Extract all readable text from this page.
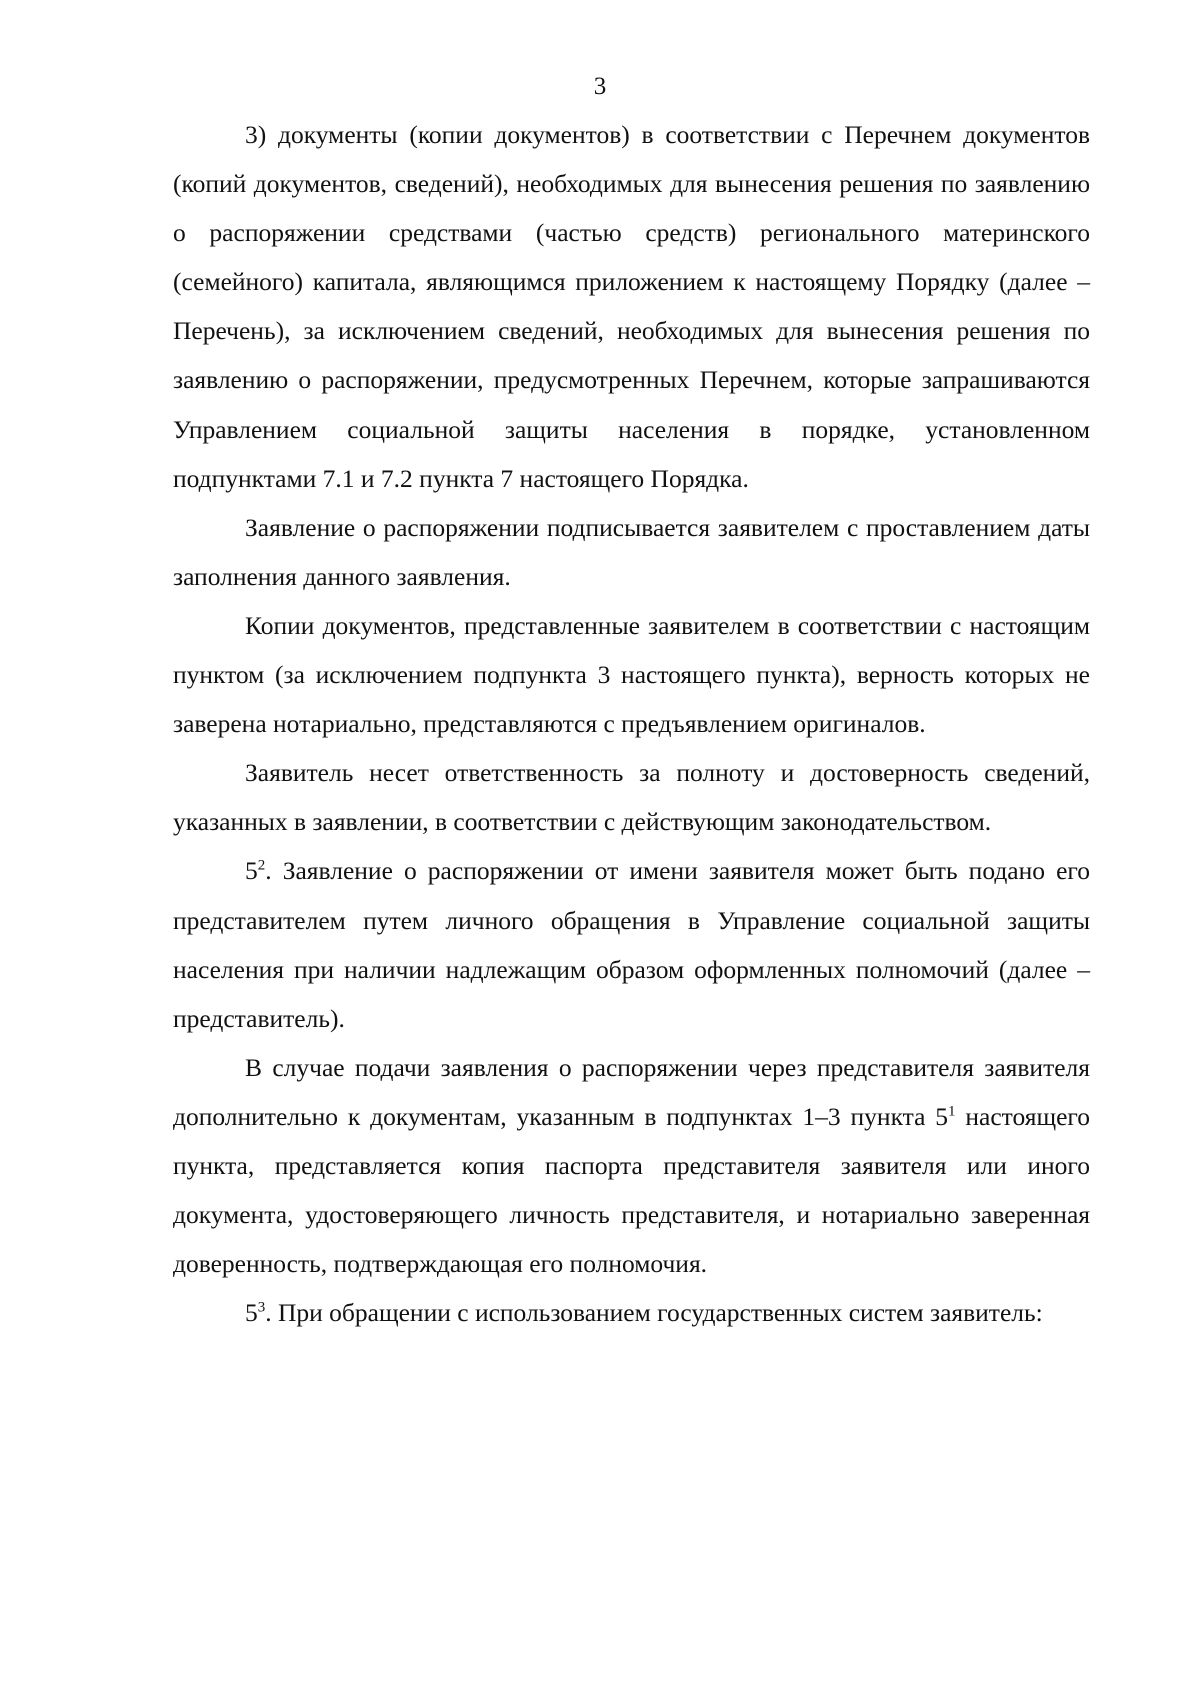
3

3) документы (копии документов) в соответствии с Перечнем документов (копий документов, сведений), необходимых для вынесения решения по заявлению о распоряжении средствами (частью средств) регионального материнского (семейного) капитала, являющимся приложением к настоящему Порядку (далее – Перечень), за исключением сведений, необходимых для вынесения решения по заявлению о распоряжении, предусмотренных Перечнем, которые запрашиваются Управлением социальной защиты населения в порядке, установленном подпунктами 7.1 и 7.2 пункта 7 настоящего Порядка.

Заявление о распоряжении подписывается заявителем с проставлением даты заполнения данного заявления.

Копии документов, представленные заявителем в соответствии с настоящим пунктом (за исключением подпункта 3 настоящего пункта), верность которых не заверена нотариально, представляются с предъявлением оригиналов.

Заявитель несет ответственность за полноту и достоверность сведений, указанных в заявлении, в соответствии с действующим законодательством.

$5^2$. Заявление о распоряжении от имени заявителя может быть подано его представителем путем личного обращения в Управление социальной защиты населения при наличии надлежащим образом оформленных полномочий (далее – представитель).

В случае подачи заявления о распоряжении через представителя заявителя дополнительно к документам, указанным в подпунктах 1–3 пункта $5^1$ настоящего пункта, представляется копия паспорта представителя заявителя или иного документа, удостоверяющего личность представителя, и нотариально заверенная доверенность, подтверждающая его полномочия.

$5^3$. При обращении с использованием государственных систем заявитель:
